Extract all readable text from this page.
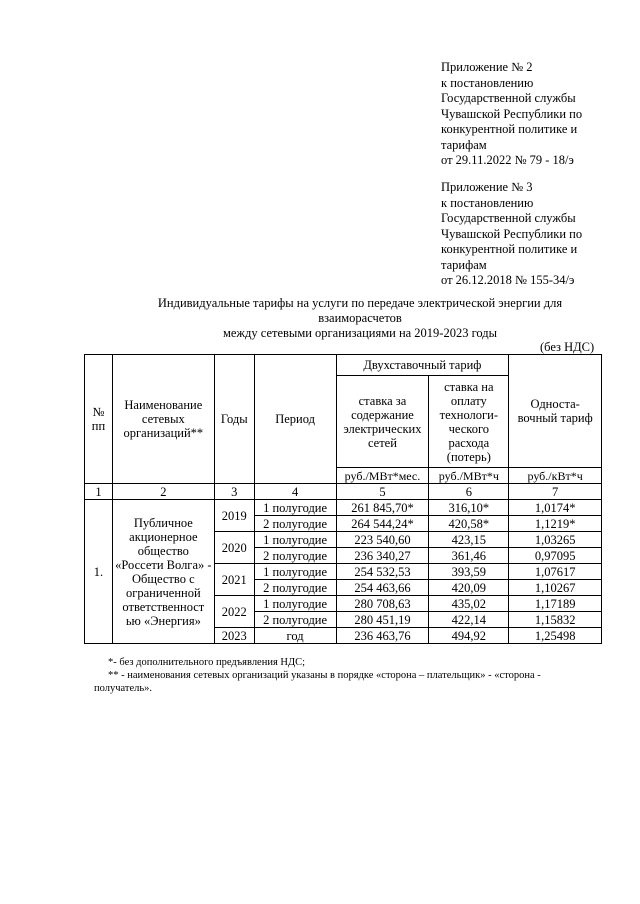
Приложение № 2
к постановлению
Государственной службы
Чувашской Республики по
конкурентной политике и
тарифам
от 29.11.2022 № 79 - 18/э
Приложение № 3
к постановлению
Государственной службы
Чувашской Республики по
конкурентной политике и
тарифам
от 26.12.2018 № 155-34/э
Индивидуальные тарифы на услуги по передаче электрической энергии для
взаиморасчетов
между сетевыми организациями на 2019-2023 годы
(без НДС)
№ пп	Наименование сетевых организаций**	Годы	Период	Двухставочный тариф		Односта-вочный тариф
				ставка за содержание электрических сетей	ставка на оплату технологи-ческого расхода (потерь)	
				руб./МВт*мес.	руб./МВт*ч	руб./кВт*ч
1	2	3	4	5	6	7
1.	Публичное акционерное общество «Россети Волга» - Общество с ограниченной ответственност ью «Энергия»	2019	1 полугодие	261 845,70*	316,10*	1,0174*
			2 полугодие	264 544,24*	420,58*	1,1219*
		2020	1 полугодие	223 540,60	423,15	1,03265
			2 полугодие	236 340,27	361,46	0,97095
		2021	1 полугодие	254 532,53	393,59	1,07617
			2 полугодие	254 463,66	420,09	1,10267
		2022	1 полугодие	280 708,63	435,02	1,17189
			2 полугодие	280 451,19	422,14	1,15832
		2023	год	236 463,76	494,92	1,25498
*- без дополнительного предъявления НДС;
** - наименования сетевых организаций указаны в порядке «сторона – плательщик» - «сторона - получатель».
